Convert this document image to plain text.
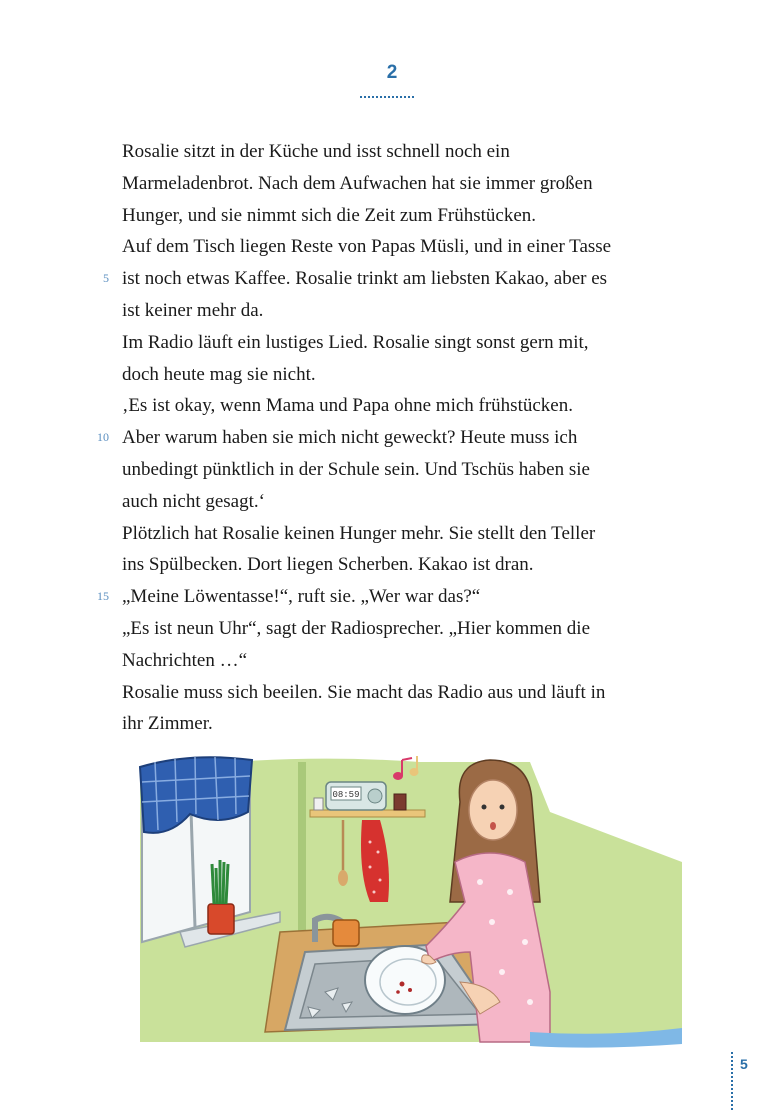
2
Rosalie sitzt in der Küche und isst schnell noch ein
Marmeladenbrot. Nach dem Aufwachen hat sie immer großen
Hunger, und sie nimmt sich die Zeit zum Frühstücken.
Auf dem Tisch liegen Reste von Papas Müsli, und in einer Tasse
5 ist noch etwas Kaffee. Rosalie trinkt am liebsten Kakao, aber es
ist keiner mehr da.
Im Radio läuft ein lustiges Lied. Rosalie singt sonst gern mit,
doch heute mag sie nicht.
‚Es ist okay, wenn Mama und Papa ohne mich frühstücken.
10 Aber warum haben sie mich nicht geweckt? Heute muss ich
unbedingt pünktlich in der Schule sein. Und Tschüs haben sie
auch nicht gesagt.‘
Plötzlich hat Rosalie keinen Hunger mehr. Sie stellt den Teller
ins Spülbecken. Dort liegen Scherben. Kakao ist dran.
15 „Meine Löwentasse!“, ruft sie. „Wer war das?“
„Es ist neun Uhr“, sagt der Radiosprecher. „Hier kommen die
Nachrichten …“
Rosalie muss sich beeilen. Sie macht das Radio aus und läuft in
ihr Zimmer.
08:59
5
